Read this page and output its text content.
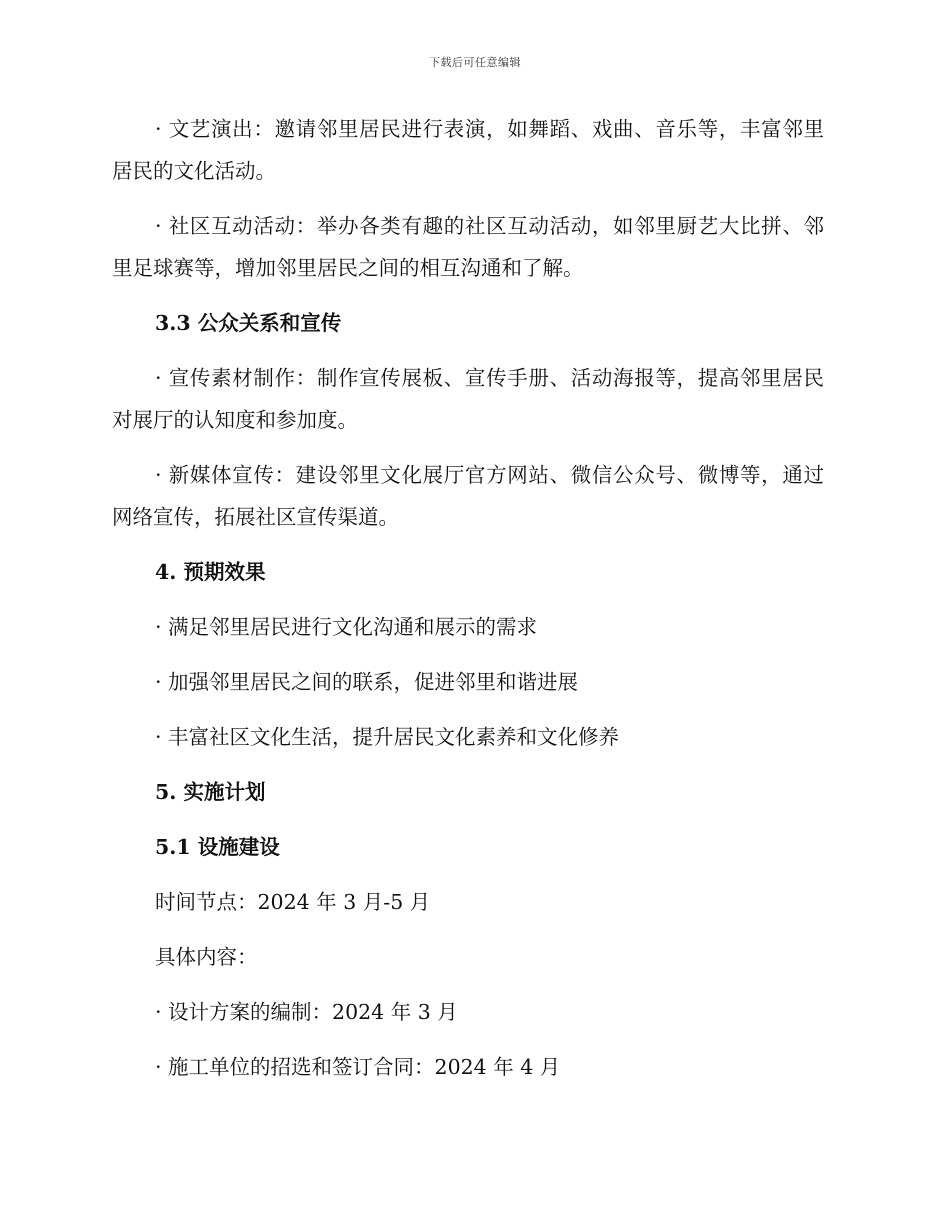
下载后可任意编辑

· 文艺演出：邀请邻里居民进行表演，如舞蹈、戏曲、音乐等，丰富邻里居民的文化活动。

· 社区互动活动：举办各类有趣的社区互动活动，如邻里厨艺大比拼、邻里足球赛等，增加邻里居民之间的相互沟通和了解。

3.3 公众关系和宣传

· 宣传素材制作：制作宣传展板、宣传手册、活动海报等，提高邻里居民对展厅的认知度和参加度。

· 新媒体宣传：建设邻里文化展厅官方网站、微信公众号、微博等，通过网络宣传，拓展社区宣传渠道。

4. 预期效果

· 满足邻里居民进行文化沟通和展示的需求

· 加强邻里居民之间的联系，促进邻里和谐进展

· 丰富社区文化生活，提升居民文化素养和文化修养

5. 实施计划
5.1 设施建设

时间节点：2024 年 3 月-5 月

具体内容：

· 设计方案的编制：2024 年 3 月

· 施工单位的招选和签订合同：2024 年 4 月
